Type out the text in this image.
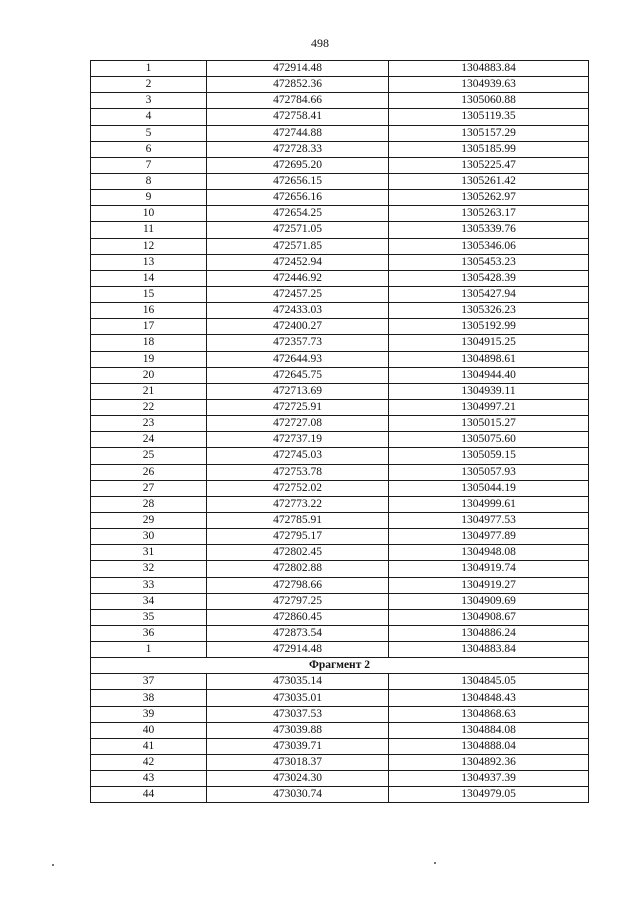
498
1	472914.48	1304883.84
2	472852.36	1304939.63
3	472784.66	1305060.88
4	472758.41	1305119.35
5	472744.88	1305157.29
6	472728.33	1305185.99
7	472695.20	1305225.47
8	472656.15	1305261.42
9	472656.16	1305262.97
10	472654.25	1305263.17
11	472571.05	1305339.76
12	472571.85	1305346.06
13	472452.94	1305453.23
14	472446.92	1305428.39
15	472457.25	1305427.94
16	472433.03	1305326.23
17	472400.27	1305192.99
18	472357.73	1304915.25
19	472644.93	1304898.61
20	472645.75	1304944.40
21	472713.69	1304939.11
22	472725.91	1304997.21
23	472727.08	1305015.27
24	472737.19	1305075.60
25	472745.03	1305059.15
26	472753.78	1305057.93
27	472752.02	1305044.19
28	472773.22	1304999.61
29	472785.91	1304977.53
30	472795.17	1304977.89
31	472802.45	1304948.08
32	472802.88	1304919.74
33	472798.66	1304919.27
34	472797.25	1304909.69
35	472860.45	1304908.67
36	472873.54	1304886.24
1	472914.48	1304883.84
Фрагмент 2		
37	473035.14	1304845.05
38	473035.01	1304848.43
39	473037.53	1304868.63
40	473039.88	1304884.08
41	473039.71	1304888.04
42	473018.37	1304892.36
43	473024.30	1304937.39
44	473030.74	1304979.05
